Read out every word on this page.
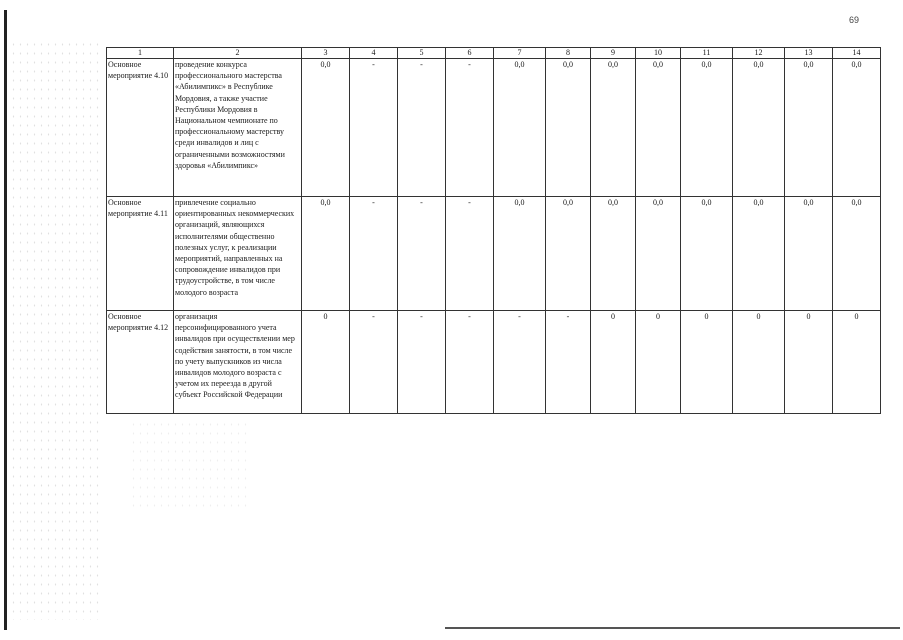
69
1	2	3	4	5	6	7	8	9	10	11	12	13	14
Основное мероприятие 4.10	проведение конкурса профессионального мастерства «Абилимпикс» в Республике Мордовия, а также участие Республики Мордовия в Национальном чемпионате по профессиональному мастерству среди инвалидов и лиц с ограниченными возможностями здоровья «Абилимпикс»	0,0	-	-	-	0,0	0,0	0,0	0,0	0,0	0,0	0,0	0,0
Основное мероприятие 4.11	привлечение социально ориентированных некоммерческих организаций, являющихся исполнителями общественно полезных услуг, к реализации мероприятий, направленных на сопровождение инвалидов при трудоустройстве, в том числе молодого возраста	0,0	-	-	-	0,0	0,0	0,0	0,0	0,0	0,0	0,0	0,0
Основное мероприятие 4.12	организация персонифицированного учета инвалидов при осуществлении мер содействия занятости, в том числе по учету выпускников из числа инвалидов молодого возраста с учетом их переезда в другой субъект Российской Федерации	0	-	-	-	-	-	0	0	0	0	0	0
